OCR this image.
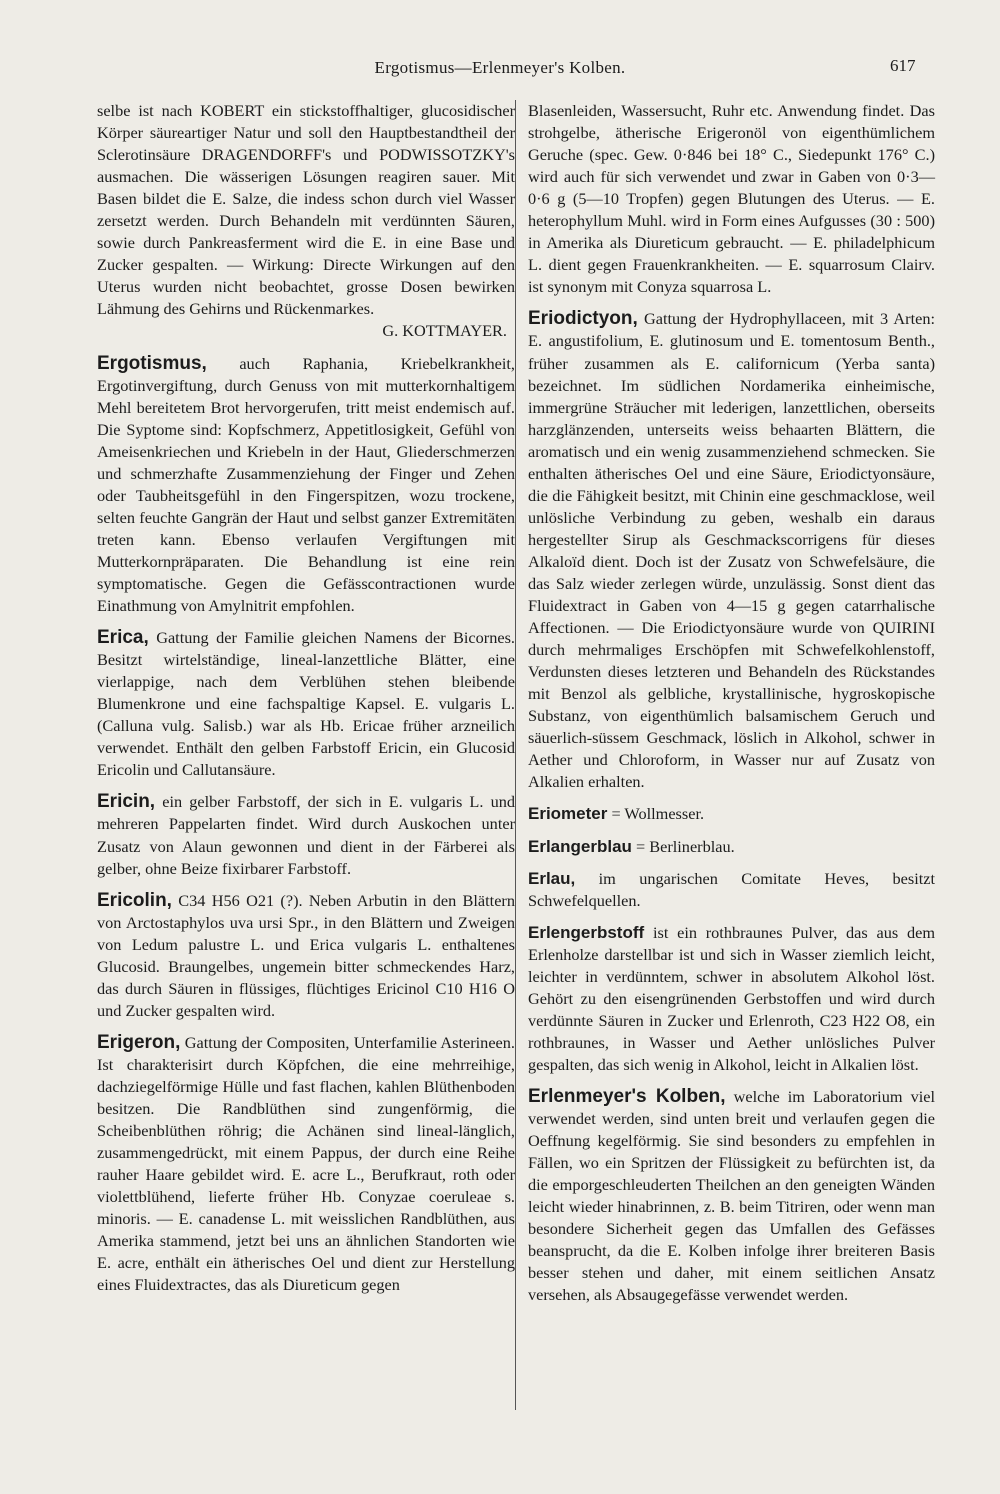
Ergotismus—Erlenmeyer's Kolben.	617

selbe ist nach KOBERT ein stickstoffhaltiger, glucosidischer Körper säureartiger Natur und soll den Hauptbestandtheil der Sclerotinsäure DRAGENDORFF's und PODWISSOTZKY's ausmachen. Die wässerigen Lösungen reagiren sauer. Mit Basen bildet die E. Salze, die indess schon durch viel Wasser zersetzt werden. Durch Behandeln mit verdünnten Säuren, sowie durch Pankreasferment wird die E. in eine Base und Zucker gespalten. — Wirkung: Directe Wirkungen auf den Uterus wurden nicht beobachtet, grosse Dosen bewirken Lähmung des Gehirns und Rückenmarkes.

G. KOTTMAYER.

Ergotismus, auch Raphania, Kriebelkrankheit, Ergotinvergiftung, durch Genuss von mit mutterkornhaltigem Mehl bereitetem Brot hervorgerufen, tritt meist endemisch auf. Die Syptome sind: Kopfschmerz, Appetitlosigkeit, Gefühl von Ameisenkriechen und Kriebeln in der Haut, Gliederschmerzen und schmerzhafte Zusammenziehung der Finger und Zehen oder Taubheitsgefühl in den Fingerspitzen, wozu trockene, selten feuchte Gangrän der Haut und selbst ganzer Extremitäten treten kann. Ebenso verlaufen Vergiftungen mit Mutterkornpräparaten. Die Behandlung ist eine rein symptomatische. Gegen die Gefässcontractionen wurde Einathmung von Amylnitrit empfohlen.

Erica, Gattung der Familie gleichen Namens der Bicornes. Besitzt wirtelständige, lineal-lanzettliche Blätter, eine vierlappige, nach dem Verblühen stehen bleibende Blumenkrone und eine fachspaltige Kapsel. E. vulgaris L. (Calluna vulg. Salisb.) war als Hb. Ericae früher arzneilich verwendet. Enthält den gelben Farbstoff Ericin, ein Glucosid Ericolin und Callutansäure.

Ericin, ein gelber Farbstoff, der sich in E. vulgaris L. und mehreren Pappelarten findet. Wird durch Auskochen unter Zusatz von Alaun gewonnen und dient in der Färberei als gelber, ohne Beize fixirbarer Farbstoff.

Ericolin, C34 H56 O21 (?). Neben Arbutin in den Blättern von Arctostaphylos uva ursi Spr., in den Blättern und Zweigen von Ledum palustre L. und Erica vulgaris L. enthaltenes Glucosid. Braungelbes, ungemein bitter schmeckendes Harz, das durch Säuren in flüssiges, flüchtiges Ericinol C10 H16 O und Zucker gespalten wird.

Erigeron, Gattung der Compositen, Unterfamilie Asterineen. Ist charakterisirt durch Köpfchen, die eine mehrreihige, dachziegelförmige Hülle und fast flachen, kahlen Blüthenboden besitzen. Die Randblüthen sind zungenförmig, die Scheibenblüthen röhrig; die Achänen sind lineal-länglich, zusammengedrückt, mit einem Pappus, der durch eine Reihe rauher Haare gebildet wird. E. acre L., Berufkraut, roth oder violettblühend, lieferte früher Hb. Conyzae coeruleae s. minoris. — E. canadense L. mit weisslichen Randblüthen, aus Amerika stammend, jetzt bei uns an ähnlichen Standorten wie E. acre, enthält ein ätherisches Oel und dient zur Herstellung eines Fluidextractes, das als Diureticum gegen

Blasenleiden, Wassersucht, Ruhr etc. Anwendung findet. Das strohgelbe, ätherische Erigeronöl von eigenthümlichem Geruche (spec. Gew. 0·846 bei 18° C., Siedepunkt 176° C.) wird auch für sich verwendet und zwar in Gaben von 0·3—0·6 g (5—10 Tropfen) gegen Blutungen des Uterus. — E. heterophyllum Muhl. wird in Form eines Aufgusses (30 : 500) in Amerika als Diureticum gebraucht. — E. philadelphicum L. dient gegen Frauenkrankheiten. — E. squarrosum Clairv. ist synonym mit Conyza squarrosa L.

Eriodictyon, Gattung der Hydrophyllaceen, mit 3 Arten: E. angustifolium, E. glutinosum und E. tomentosum Benth., früher zusammen als E. californicum (Yerba santa) bezeichnet. Im südlichen Nordamerika einheimische, immergrüne Sträucher mit lederigen, lanzettlichen, oberseits harzglänzenden, unterseits weiss behaarten Blättern, die aromatisch und ein wenig zusammenziehend schmecken. Sie enthalten ätherisches Oel und eine Säure, Eriodictyonsäure, die die Fähigkeit besitzt, mit Chinin eine geschmacklose, weil unlösliche Verbindung zu geben, weshalb ein daraus hergestellter Sirup als Geschmackscorrigens für dieses Alkaloïd dient. Doch ist der Zusatz von Schwefelsäure, die das Salz wieder zerlegen würde, unzulässig. Sonst dient das Fluidextract in Gaben von 4—15 g gegen catarrhalische Affectionen. — Die Eriodictyonsäure wurde von QUIRINI durch mehrmaliges Erschöpfen mit Schwefelkohlenstoff, Verdunsten dieses letzteren und Behandeln des Rückstandes mit Benzol als gelbliche, krystallinische, hygroskopische Substanz, von eigenthümlich balsamischem Geruch und säuerlich-süssem Geschmack, löslich in Alkohol, schwer in Aether und Chloroform, in Wasser nur auf Zusatz von Alkalien erhalten.

Eriometer = Wollmesser.

Erlangerblau = Berlinerblau.

Erlau, im ungarischen Comitate Heves, besitzt Schwefelquellen.

Erlengerbstoff ist ein rothbraunes Pulver, das aus dem Erlenholze darstellbar ist und sich in Wasser ziemlich leicht, leichter in verdünntem, schwer in absolutem Alkohol löst. Gehört zu den eisengrünenden Gerbstoffen und wird durch verdünnte Säuren in Zucker und Erlenroth, C23 H22 O8, ein rothbraunes, in Wasser und Aether unlösliches Pulver gespalten, das sich wenig in Alkohol, leicht in Alkalien löst.

Erlenmeyer's Kolben, welche im Laboratorium viel verwendet werden, sind unten breit und verlaufen gegen die Oeffnung kegelförmig. Sie sind besonders zu empfehlen in Fällen, wo ein Spritzen der Flüssigkeit zu befürchten ist, da die emporgeschleuderten Theilchen an den geneigten Wänden leicht wieder hinabrinnen, z. B. beim Titriren, oder wenn man besondere Sicherheit gegen das Umfallen des Gefässes beansprucht, da die E. Kolben infolge ihrer breiteren Basis besser stehen und daher, mit einem seitlichen Ansatz versehen, als Absaugegefässe verwendet werden.
